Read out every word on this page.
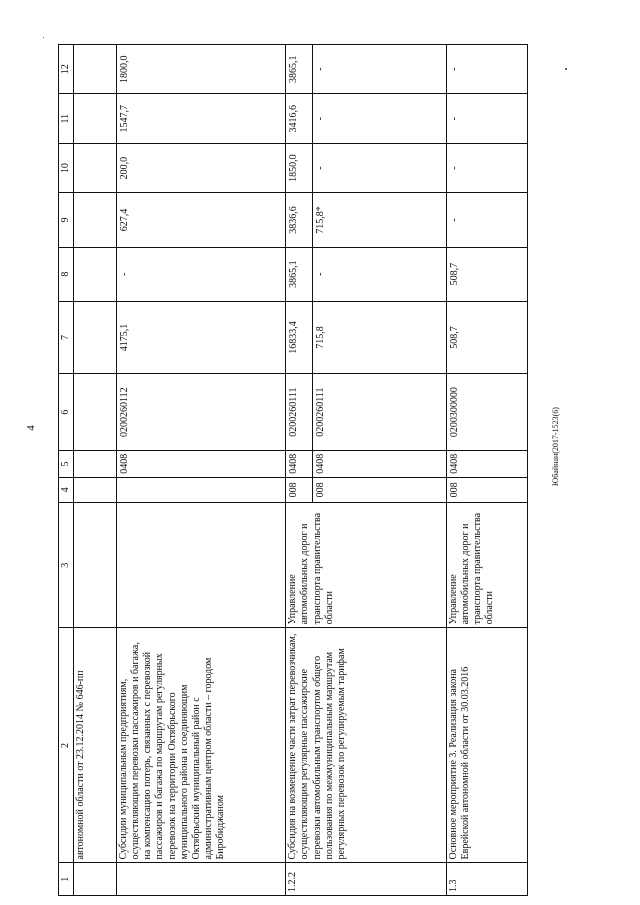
4	Юбайнан(2017-1523(6)
1	2	3	4	5	6	7	8	9	10	11	12
	автономной области от 23.12.2014 № 646-пп										
	Субсидии муниципальным предприятиям, осуществляющим перевозки пассажиров и багажа, на компенсацию потерь, связанных с перевозкой пассажиров и багажа по маршрутам регулярных перевозок на территории Октябрьского муниципального района и соединяющим Октябрьский муниципальный район с административным центром области – городом Биробиджаном			0408	0200260112	4175,1	-	627,4	200,0	1547,7	1800,0
1.2.2	Субсидия на возмещение части затрат перевозчикам, осуществляющим регулярные пассажирские перевозки автомобильным транспортом общего пользования по межмуниципальным маршрутам регулярных перевозок по регулируемым тарифам	Управление автомобильных дорог и транспорта правительства области	008	0408	0200260111	16833,4	3865,1	3836,6	1850,0	3416,6	3865,1
			008	0408	0200260111	715,8	-	715,8*	-	-	-
1.3	Основное мероприятие 3. Реализация закона Еврейской автономной области от 30.03.2016	Управление автомобильных дорог и транспорта правительства области	008	0408	0200300000	508,7	508,7	-	-	-	-
